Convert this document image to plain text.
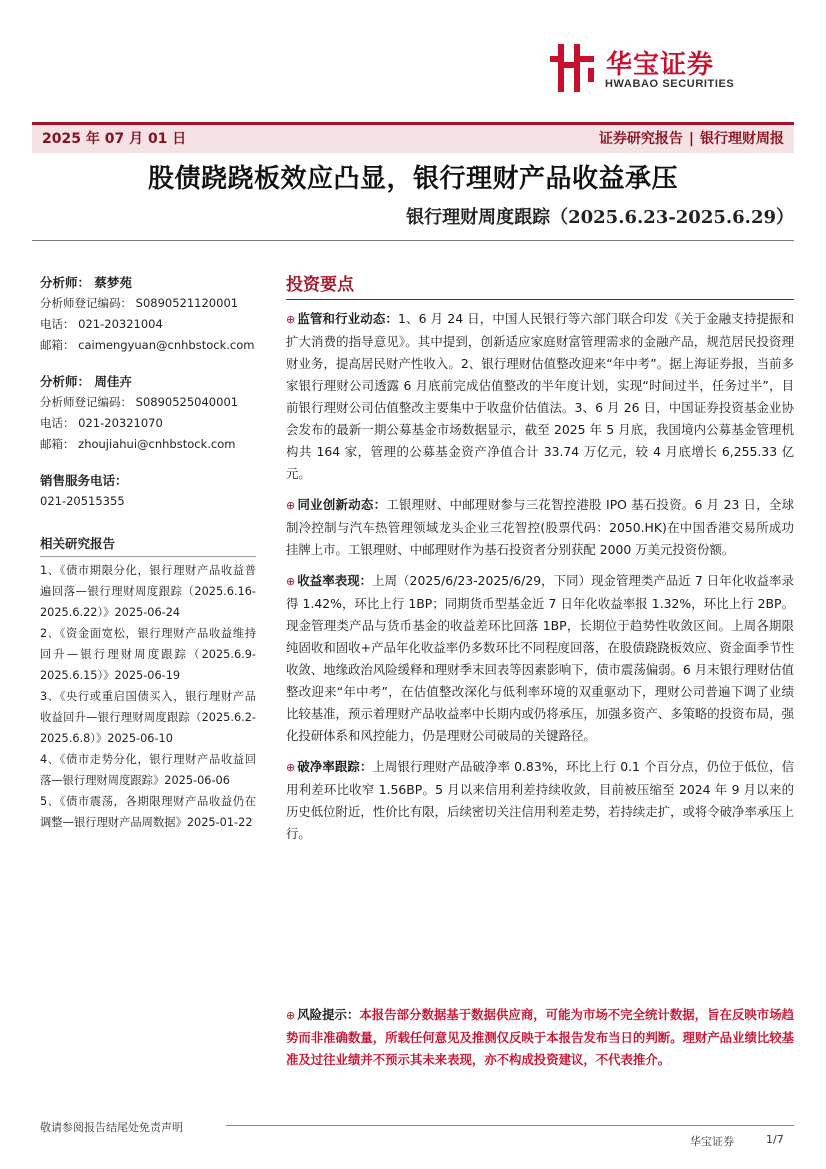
华宝证券
HWABAO SECURITIES
2025 年 07 月 01 日	证券研究报告 | 银行理财周报
股债跷跷板效应凸显，银行理财产品收益承压
银行理财周度跟踪（2025.6.23-2025.6.29）
分析师： 蔡梦苑
分析师登记编码： S0890521120001
电话： 021-20321004
邮箱： caimengyuan@cnhbstock.com
分析师： 周佳卉
分析师登记编码： S0890525040001
电话： 021-20321070
邮箱： zhoujiahui@cnhbstock.com
销售服务电话：
021-20515355
相关研究报告
1、《债市期限分化，银行理财产品收益普遍回落—银行理财周度跟踪（2025.6.16-2025.6.22）》2025-06-24
2、《资金面宽松，银行理财产品收益维持回升—银行理财周度跟踪（2025.6.9-2025.6.15）》2025-06-19
3、《央行或重启国债买入，银行理财产品收益回升—银行理财周度跟踪（2025.6.2-2025.6.8）》2025-06-10
4、《债市走势分化，银行理财产品收益回落—银行理财周度跟踪》2025-06-06
5、《债市震荡，各期限理财产品收益仍在调整—银行理财产品周数据》2025-01-22
投资要点
⊕ 监管和行业动态：1、6 月 24 日，中国人民银行等六部门联合印发《关于金融支持提振和扩大消费的指导意见》。其中提到，创新适应家庭财富管理需求的金融产品，规范居民投资理财业务，提高居民财产性收入。2、银行理财估值整改迎来“年中考”。据上海证券报，当前多家银行理财公司透露 6 月底前完成估值整改的半年度计划，实现“时间过半，任务过半”，目前银行理财公司估值整改主要集中于收盘价估值法。3、6 月 26 日，中国证券投资基金业协会发布的最新一期公募基金市场数据显示，截至 2025 年 5 月底，我国境内公募基金管理机构共 164 家，管理的公募基金资产净值合计 33.74 万亿元，较 4 月底增长 6,255.33 亿元。
⊕ 同业创新动态：工银理财、中邮理财参与三花智控港股 IPO 基石投资。6 月 23 日，全球制冷控制与汽车热管理领域龙头企业三花智控(股票代码：2050.HK)在中国香港交易所成功挂牌上市。工银理财、中邮理财作为基石投资者分别获配 2000 万美元投资份额。
⊕ 收益率表现：上周（2025/6/23-2025/6/29，下同）现金管理类产品近 7 日年化收益率录得 1.42%，环比上行 1BP；同期货币型基金近 7 日年化收益率报 1.32%，环比上行 2BP。现金管理类产品与货币基金的收益差环比回落 1BP，长期位于趋势性收敛区间。上周各期限纯固收和固收+产品年化收益率仍多数环比不同程度回落，在股债跷跷板效应、资金面季节性收敛、地缘政治风险缓释和理财季末回表等因素影响下，债市震荡偏弱。6 月末银行理财估值整改迎来“年中考”，在估值整改深化与低利率环境的双重驱动下，理财公司普遍下调了业绩比较基准，预示着理财产品收益率中长期内或仍将承压，加强多资产、多策略的投资布局，强化投研体系和风控能力，仍是理财公司破局的关键路径。
⊕ 破净率跟踪：上周银行理财产品破净率 0.83%，环比上行 0.1 个百分点，仍位于低位，信用利差环比收窄 1.56BP。5 月以来信用利差持续收敛，目前被压缩至 2024 年 9 月以来的历史低位附近，性价比有限，后续密切关注信用利差走势，若持续走扩，或将令破净率承压上行。
⊕ 风险提示：本报告部分数据基于数据供应商，可能为市场不完全统计数据，旨在反映市场趋势而非准确数量，所载任何意见及推测仅反映于本报告发布当日的判断。理财产品业绩比较基准及过往业绩并不预示其未来表现，亦不构成投资建议，不代表推介。
敬请参阅报告结尾处免责声明
华宝证券	1/7
